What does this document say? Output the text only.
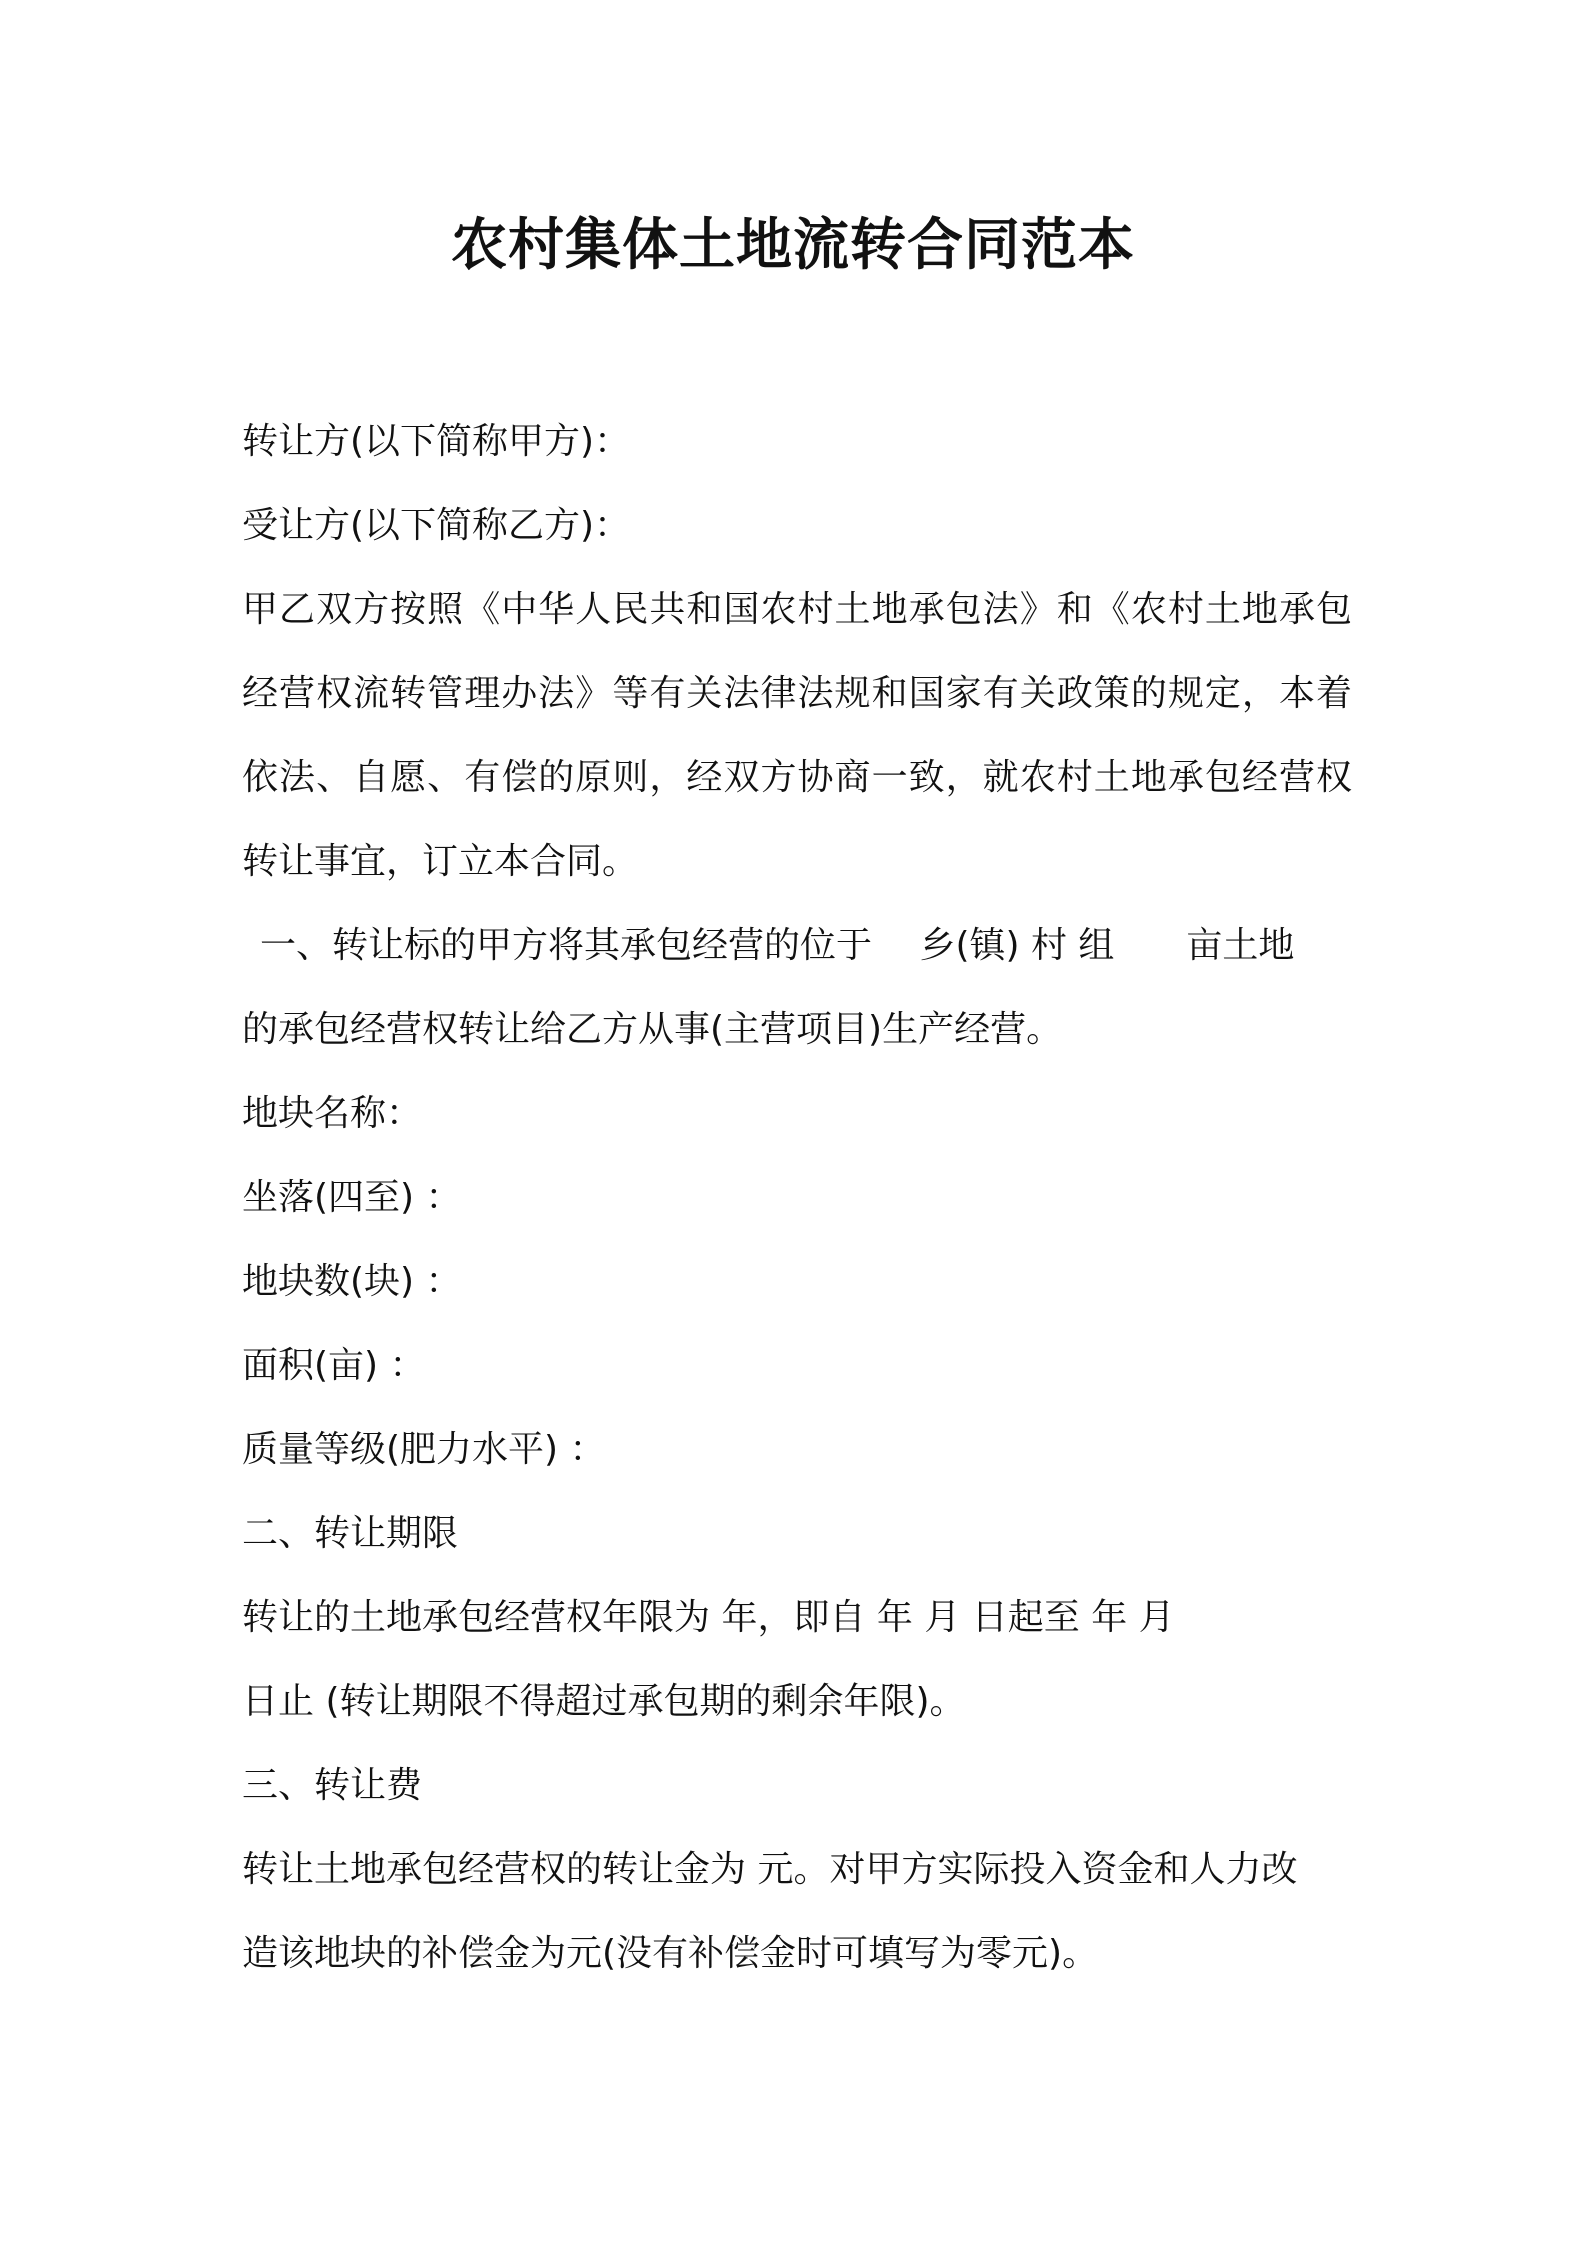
农村集体土地流转合同范本
转让方(以下简称甲方)：
受让方(以下简称乙方)：
甲乙双方按照《中华人民共和国农村土地承包法》和《农村土地承包
经营权流转管理办法》等有关法律法规和国家有关政策的规定，本着
依法、自愿、有偿的原则，经双方协商一致，就农村土地承包经营权
转让事宜，订立本合同。
一、转让标的甲方将其承包经营的位于　 乡(镇) 村 组　　亩土地
的承包经营权转让给乙方从事(主营项目)生产经营。
地块名称：
坐落(四至) ：
地块数(块) ：
面积(亩) ：
质量等级(肥力水平) ：
二、转让期限
转让的土地承包经营权年限为 年，即自 年 月 日起至 年 月
日止 (转让期限不得超过承包期的剩余年限)。
三、转让费
转让土地承包经营权的转让金为 元。对甲方实际投入资金和人力改
造该地块的补偿金为元(没有补偿金时可填写为零元)。
